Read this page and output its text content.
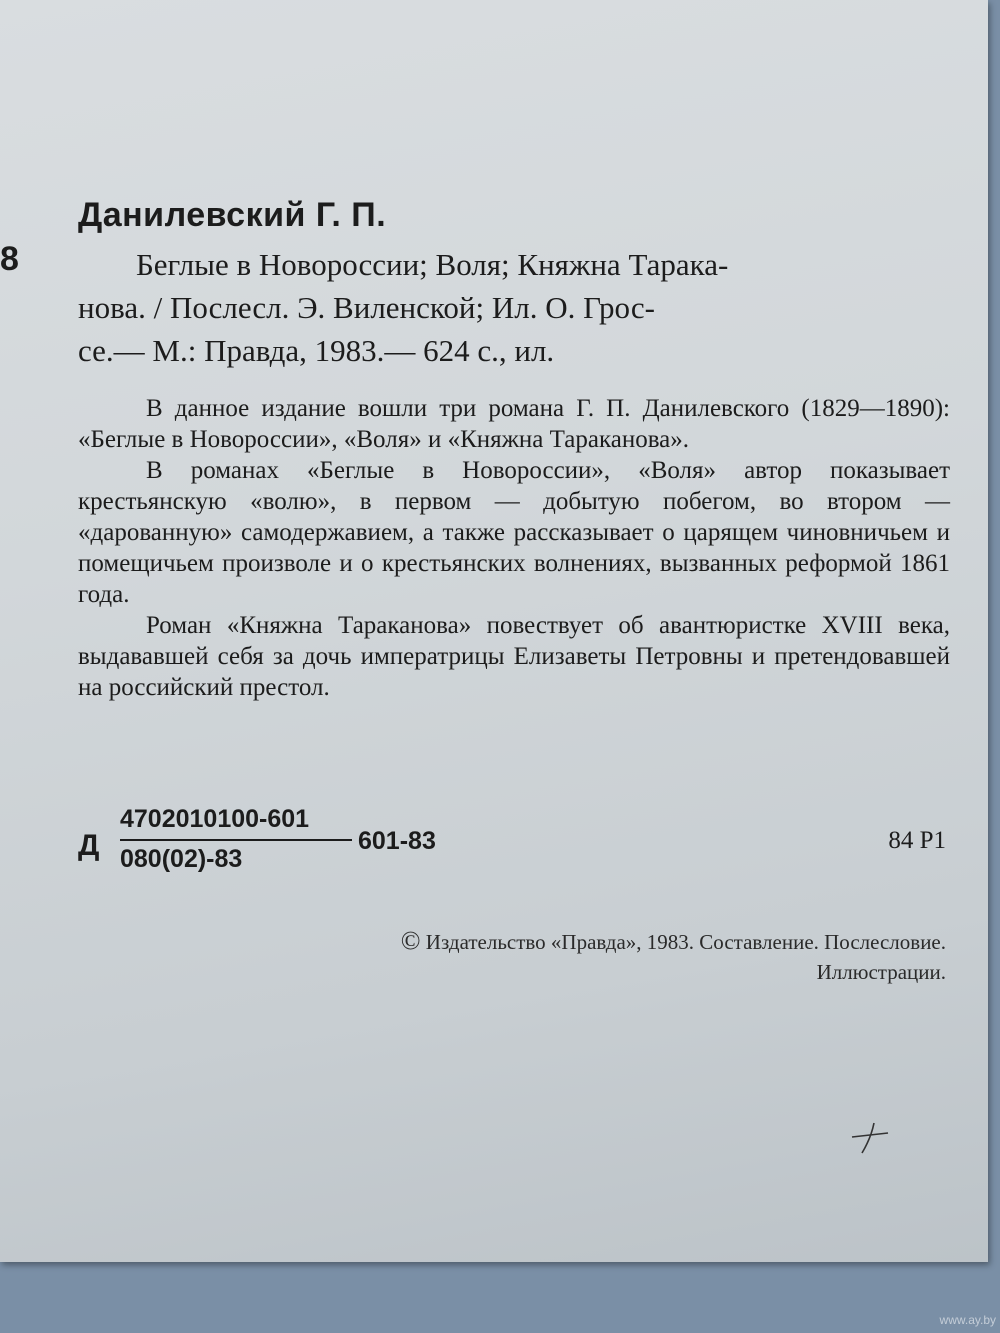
8
Данилевский Г. П.
Беглые в Новороссии; Воля; Княжна Тарака-
нова. / Послесл. Э. Виленской; Ил. О. Грос-
се.— М.: Правда, 1983.— 624 с., ил.

В данное издание вошли три романа Г. П. Данилевского (1829—1890): «Беглые в Новороссии», «Воля» и «Княжна Тараканова».

В романах «Беглые в Новороссии», «Воля» автор показывает крестьянскую «волю», в первом — добытую побегом, во втором — «дарованную» самодержавием, а также рассказывает о царящем чиновничьем и помещичьем произволе и о крестьянских волнениях, вызванных реформой 1861 года.

Роман «Княжна Тараканова» повествует об авантюристке XVIII века, выдававшей себя за дочь императрицы Елизаветы Петровны и претендовавшей на российский престол.

Д
4702010100-601
080(02)-83
601-83	84 Р1
© Издательство «Правда», 1983. Составление. Послесловие.
Иллюстрации.
www.ay.by
